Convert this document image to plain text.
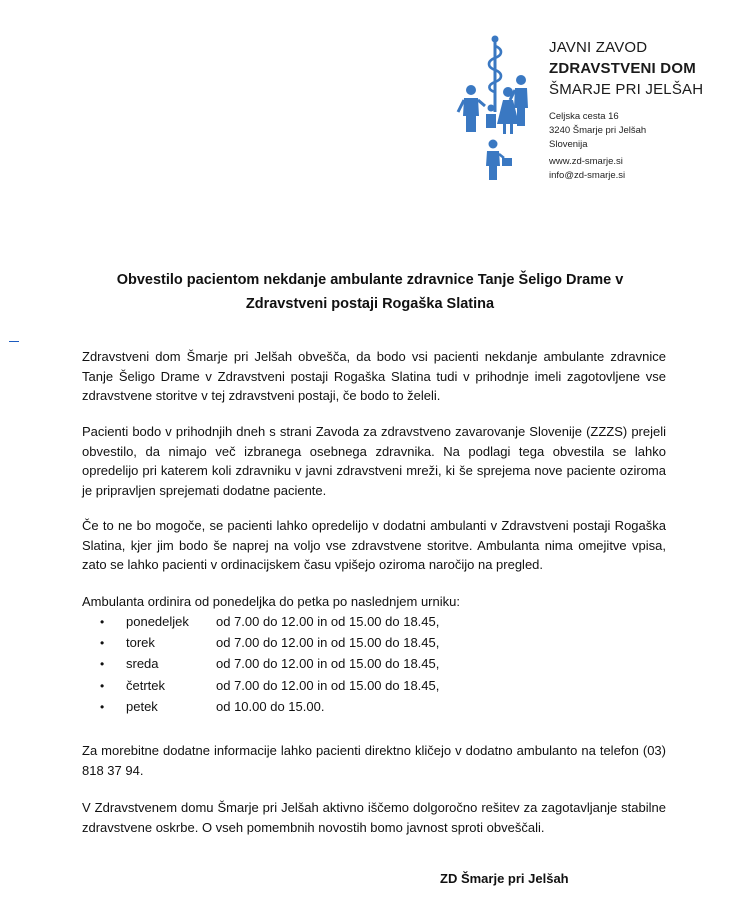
JAVNI ZAVOD
ZDRAVSTVENI DOM
ŠMARJE PRI JELŠAH
Celjska cesta 16
3240 Šmarje pri Jelšah
Slovenija
www.zd-smarje.si
info@zd-smarje.si
Obvestilo pacientom nekdanje ambulante zdravnice Tanje Šeligo Drame v
Zdravstveni postaji Rogaška Slatina
Zdravstveni dom Šmarje pri Jelšah obvešča, da bodo vsi pacienti nekdanje ambulante zdravnice Tanje Šeligo Drame v Zdravstveni postaji Rogaška Slatina tudi v prihodnje imeli zagotovljene vse zdravstvene storitve v tej zdravstveni postaji, če bodo to želeli.
Pacienti bodo v prihodnjih dneh s strani Zavoda za zdravstveno zavarovanje Slovenije (ZZZS) prejeli obvestilo, da nimajo več izbranega osebnega zdravnika. Na podlagi tega obvestila se lahko opredelijo pri katerem koli zdravniku v javni zdravstveni mreži, ki še sprejema nove paciente oziroma je pripravljen sprejemati dodatne paciente.
Če to ne bo mogoče, se pacienti lahko opredelijo v dodatni ambulanti v Zdravstveni postaji Rogaška Slatina, kjer jim bodo še naprej na voljo vse zdravstvene storitve. Ambulanta nima omejitve vpisa, zato se lahko pacienti v ordinacijskem času vpišejo oziroma naročijo na pregled.
Ambulanta ordinira od ponedeljka do petka po naslednjem urniku:
• ponedeljek od 7.00 do 12.00 in od 15.00 do 18.45,
• torek	od 7.00 do 12.00 in od 15.00 do 18.45,
• sreda	od 7.00 do 12.00 in od 15.00 do 18.45,
• četrtek	od 7.00 do 12.00 in od 15.00 do 18.45,
• petek	od 10.00 do 15.00.
Za morebitne dodatne informacije lahko pacienti direktno kličejo v dodatno ambulanto na telefon (03) 818 37 94.
V Zdravstvenem domu Šmarje pri Jelšah aktivno iščemo dolgoročno rešitev za zagotavljanje stabilne zdravstvene oskrbe. O vseh pomembnih novostih bomo javnost sproti obveščali.
ZD Šmarje pri Jelšah
